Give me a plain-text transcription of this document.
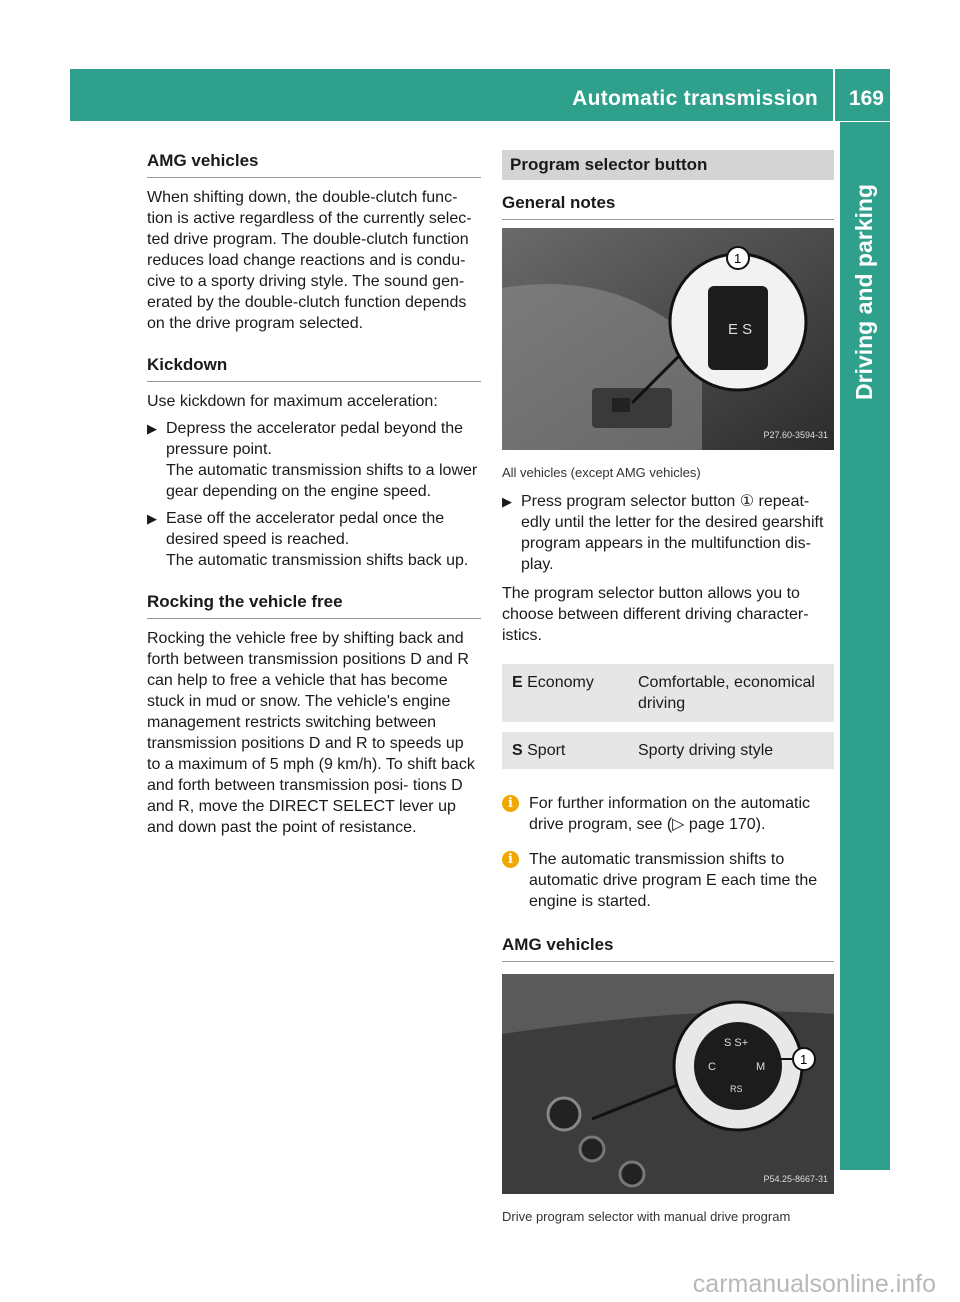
Automatic transmission 169
Driving and parking
AMG vehicles

When shifting down, the double-clutch func- tion is active regardless of the currently selec- ted drive program. The double-clutch function reduces load change reactions and is condu- cive to a sporty driving style. The sound gen- erated by the double-clutch function depends on the drive program selected.

Kickdown

Use kickdown for maximum acceleration:

▶ Depress the accelerator pedal beyond the pressure point.
The automatic transmission shifts to a lower gear depending on the engine speed.
▶ Ease off the accelerator pedal once the desired speed is reached.
The automatic transmission shifts back up.
Rocking the vehicle free

Rocking the vehicle free by shifting back and forth between transmission positions D and R can help to free a vehicle that has become stuck in mud or snow. The vehicle's engine management restricts switching between transmission positions D and R to speeds up to a maximum of 5 mph (9 km/h). To shift back and forth between transmission posi- tions D and R, move the DIRECT SELECT lever up and down past the point of resistance.

Program selector button
General notes
E S
1
P27.60-3594-31
All vehicles (except AMG vehicles)
▶ Press program selector button ① repeat- edly until the letter for the desired gearshift program appears in the multifunction dis- play.

The program selector button allows you to choose between different driving character- istics.

E Economy	Comfortable, economical driving
S Sport	Sporty driving style
i	For further information on the automatic drive program, see (▷ page 170).
i	The automatic transmission shifts to automatic drive program E each time the engine is started.
AMG vehicles
S S+
C	M
RS
1
P54.25-8667-31
Drive program selector with manual drive program
carmanualsonline.info
